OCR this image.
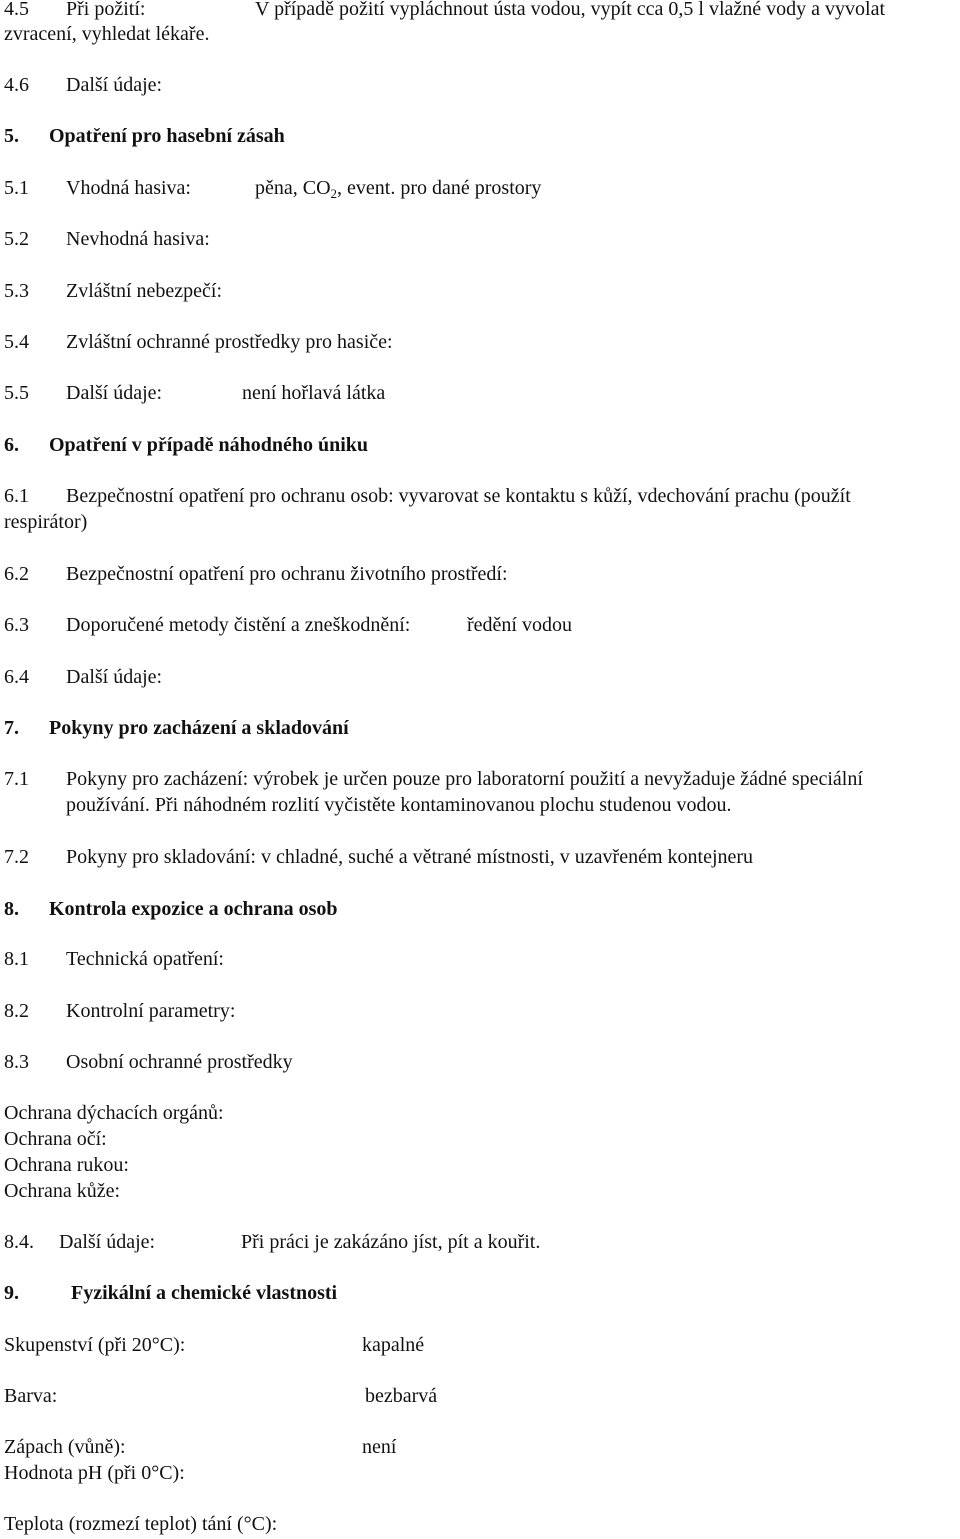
4.5 Při požití:	V případě požití vypláchnout ústa vodou, vypít cca 0,5 l vlažné vody a vyvolat
zvracení, vyhledat lékaře.
4.6 Další údaje:
5. Opatření pro hasební zásah
5.1 Vhodná hasiva:	pěna, $CO_2$, event. pro dané prostory
5.2 Nevhodná hasiva:
5.3 Zvláštní nebezpečí:
5.4 Zvláštní ochranné prostředky pro hasiče:
5.5 Další údaje:	není hořlavá látka
6. Opatření v případě náhodného úniku
6.1 Bezpečnostní opatření pro ochranu osob: vyvarovat se kontaktu s kůží, vdechování prachu (použít
respirátor)
6.2 Bezpečnostní opatření pro ochranu životního prostředí:
6.3 Doporučené metody čistění a zneškodnění:	ředění vodou
6.4 Další údaje:
7. Pokyny pro zacházení a skladování
7.1 Pokyny pro zacházení: výrobek je určen pouze pro laboratorní použití a nevyžaduje žádné speciální
používání. Při náhodném rozlití vyčistěte kontaminovanou plochu studenou vodou.
7.2 Pokyny pro skladování: v chladné, suché a větrané místnosti, v uzavřeném kontejneru
8. Kontrola expozice a ochrana osob
8.1 Technická opatření:
8.2 Kontrolní parametry:
8.3 Osobní ochranné prostředky
Ochrana dýchacích orgánů:
Ochrana očí:
Ochrana rukou:
Ochrana kůže:
8.4. Další údaje:	Při práci je zakázáno jíst, pít a kouřit.
9.	Fyzikální a chemické vlastnosti
Skupenství (při 20°C):	kapalné
Barva:	bezbarvá
Zápach (vůně):	není
Hodnota pH (při 0°C):
Teplota (rozmezí teplot) tání (°C):
